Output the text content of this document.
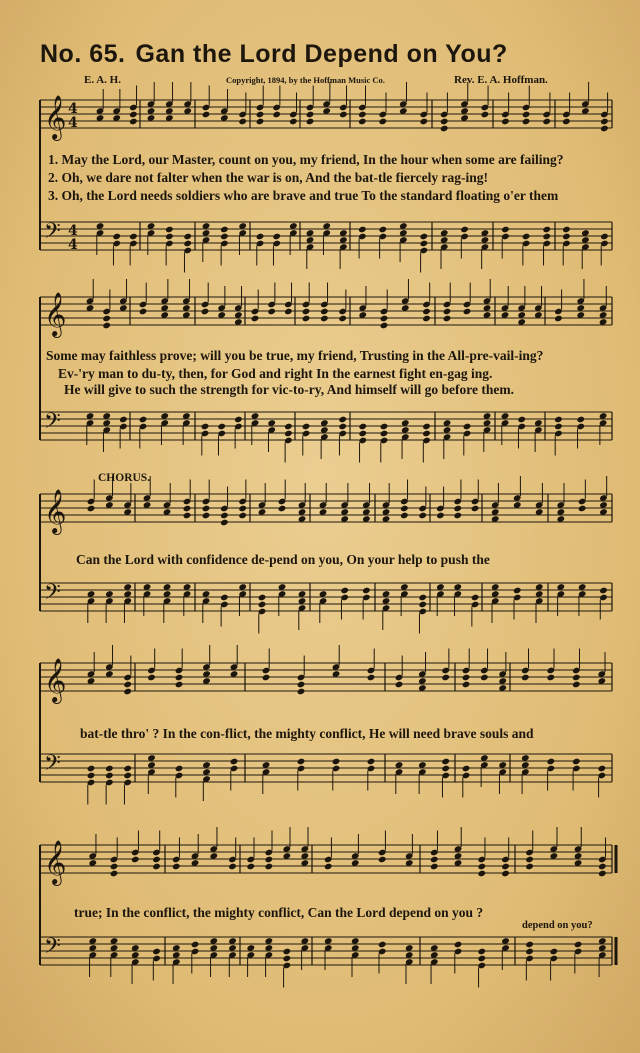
No. 65. Gan the Lord Depend on You?
E. A. H.	Copyright, 1894, by the Hoffman Music Co.	Rev. E. A. Hoffman.
𝄞 4
4
𝄢 4
4
𝄞
𝄢
𝄞
𝄢
𝄞
𝄢
𝄞
𝄢
1. May the Lord, our Master, count on you, my friend, In the hour when some are failing?
2. Oh, we dare not falter when the war is on, And the bat-tle fiercely rag-ing!
3. Oh, the Lord needs soldiers who are brave and true To the standard floating o'er them
Some may faithless prove; will you be true, my friend, Trusting in the All-pre-vail-ing?
Ev-'ry man to du-ty, then, for God and right In the earnest fight en-gag ing.
He will give to such the strength for vic-to-ry, And himself will go before them.
CHORUS.
Can the Lord with confidence de-pend on you, On your help to push the
bat-tle thro' ? In the con-flict, the mighty conflict, He will need brave souls and
true; In the conflict, the mighty conflict, Can the Lord depend on you ?
depend on you?
